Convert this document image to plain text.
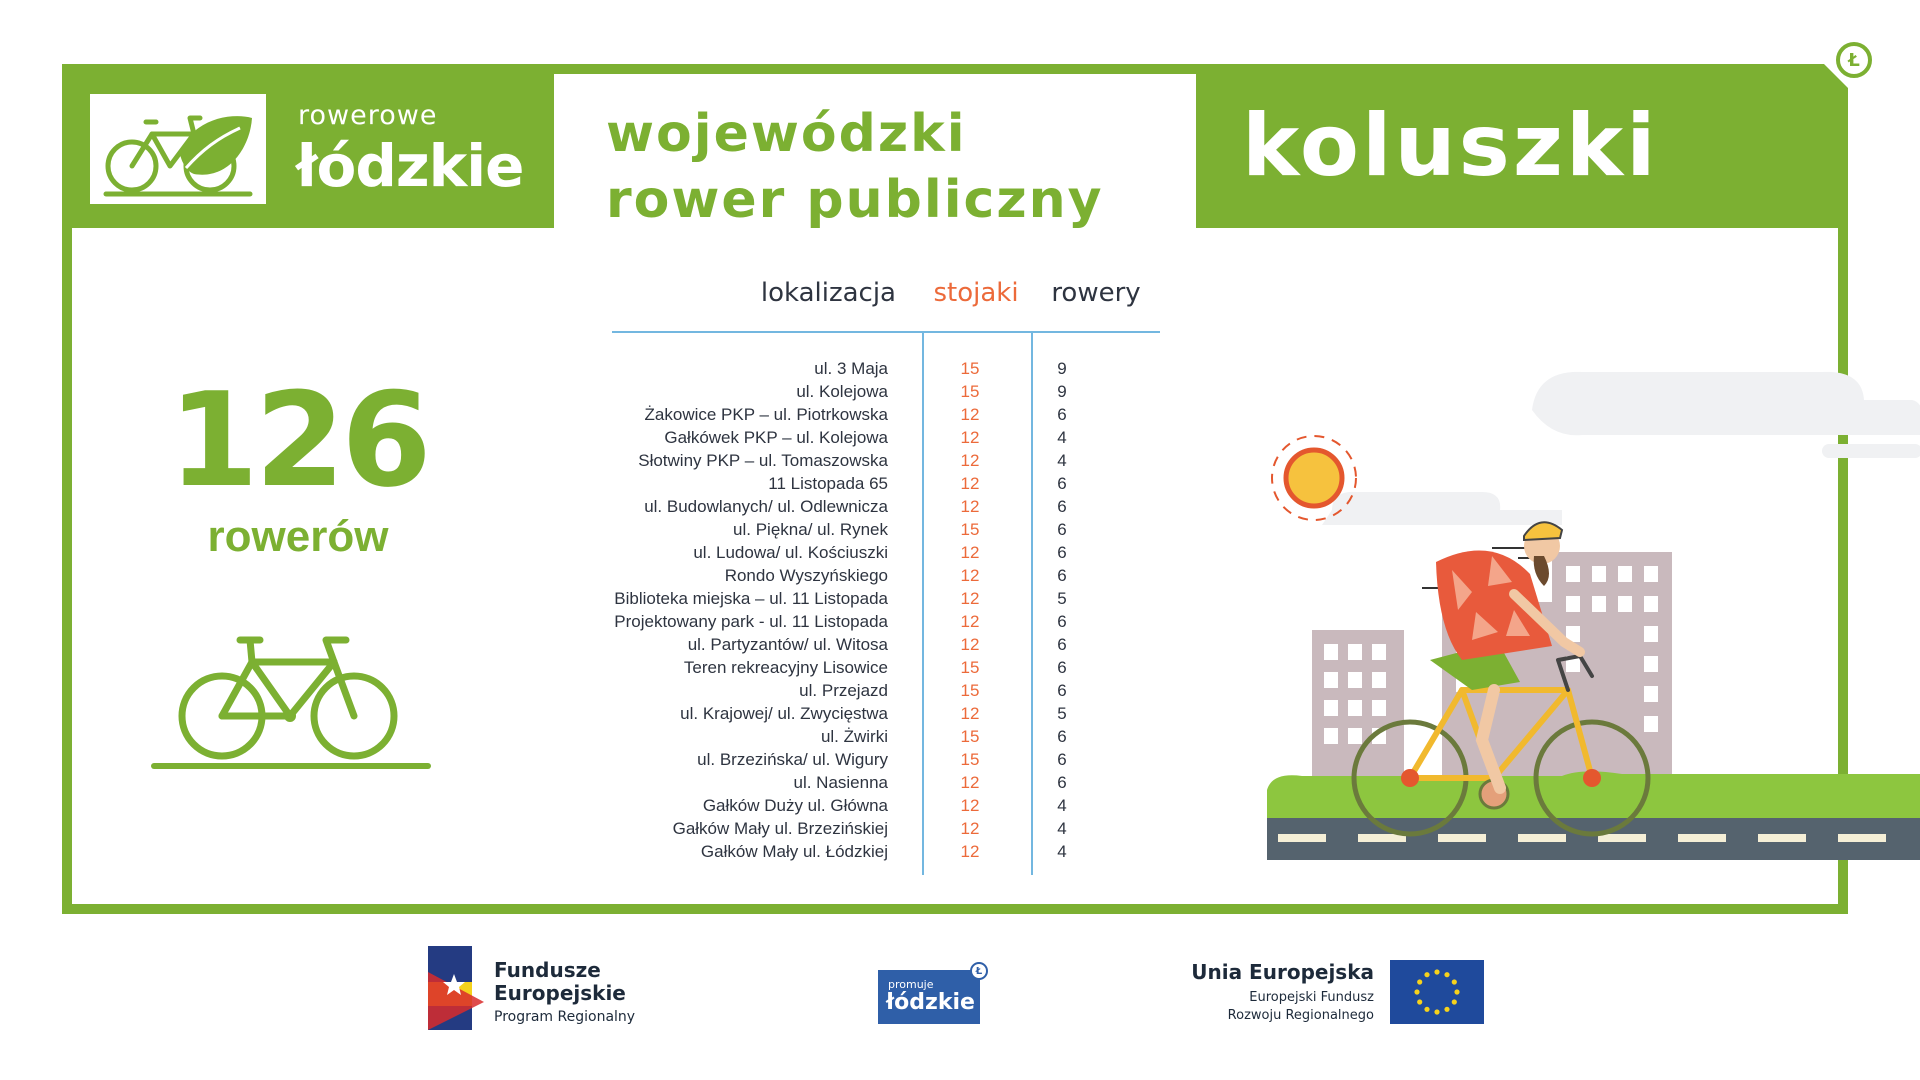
rowerowe
łódzkie wojewódzki
rower publiczny
koluszki
Ł
126
rowerów
lokalizacja stojaki	rowery
ul. 3 Maja	15	9
ul. Kolejowa	15	9
Żakowice PKP – ul. Piotrkowska	12	6
Gałkówek PKP – ul. Kolejowa	12	4
Słotwiny PKP – ul. Tomaszowska	12	4
11 Listopada 65	12	6
ul. Budowlanych/ ul. Odlewnicza	12	6
ul. Piękna/ ul. Rynek	15	6
ul. Ludowa/ ul. Kościuszki	12	6
Rondo Wyszyńskiego	12	6
Biblioteka miejska – ul. 11 Listopada	12	5
Projektowany park - ul. 11 Listopada	12	6
ul. Partyzantów/ ul. Witosa	12	6
Teren rekreacyjny Lisowice	15	6
ul. Przejazd	15	6
ul. Krajowej/ ul. Zwycięstwa	12	5
ul. Żwirki	15	6
ul. Brzezińska/ ul. Wigury	15	6
ul. Nasienna	12	6
Gałków Duży ul. Główna	12	4
Gałków Mały ul. Brzezińskiej	12	4
Gałków Mały ul. Łódzkiej	12	4
Fundusze
Europejskie
Program Regionalny
promuje
łódzkie
Ł	Unia Europejska
Europejski Fundusz
Rozwoju Regionalnego
